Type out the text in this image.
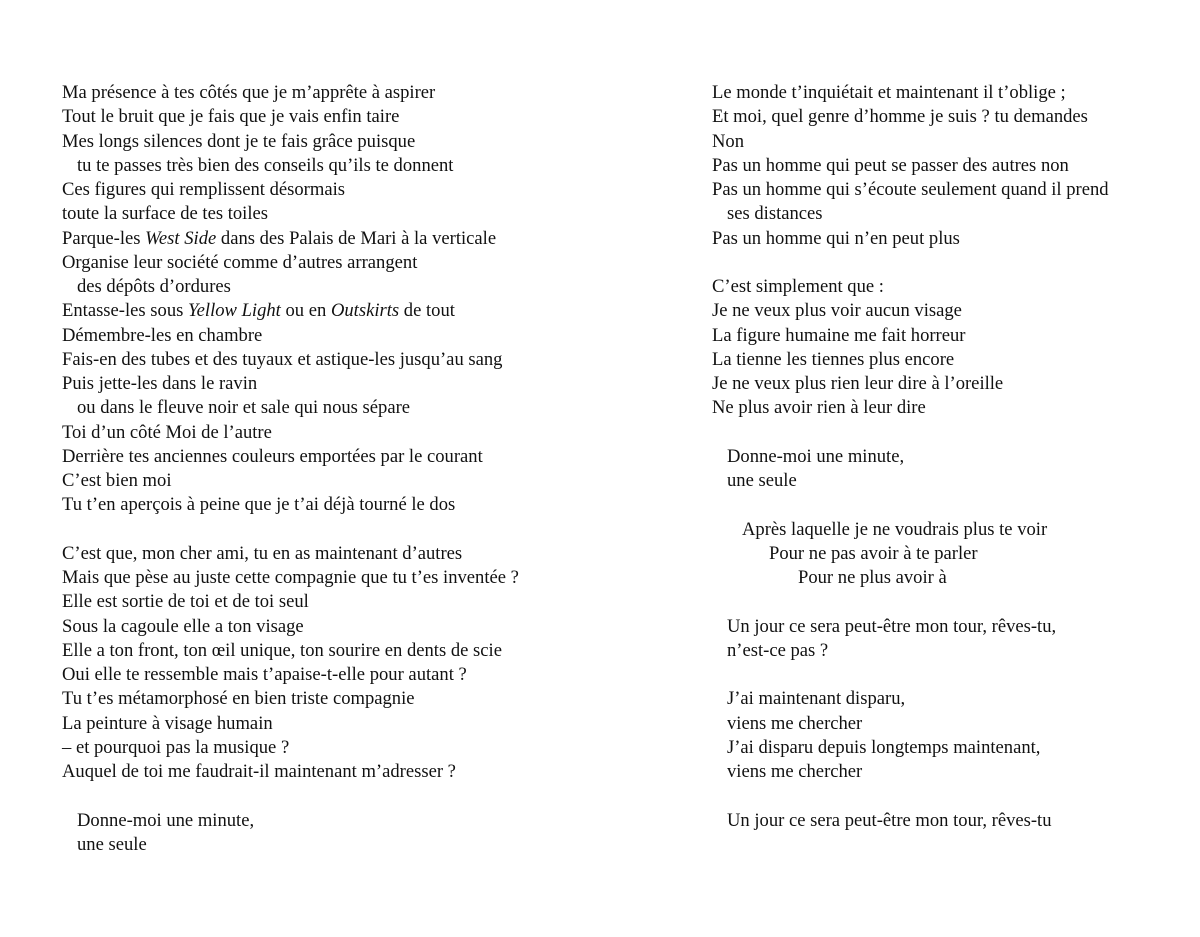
Ma présence à tes côtés que je m’apprête à aspirer
Tout le bruit que je fais que je vais enfin taire
Mes longs silences dont je te fais grâce puisque
tu te passes très bien des conseils qu’ils te donnent
Ces figures qui remplissent désormais
toute la surface de tes toiles
Parque-les West Side dans des Palais de Mari à la verticale
Organise leur société comme d’autres arrangent
des dépôts d’ordures
Entasse-les sous Yellow Light ou en Outskirts de tout
Démembre-les en chambre
Fais-en des tubes et des tuyaux et astique-les jusqu’au sang
Puis jette-les dans le ravin
ou dans le fleuve noir et sale qui nous sépare
Toi d’un côté Moi de l’autre
Derrière tes anciennes couleurs emportées par le courant
C’est bien moi
Tu t’en aperçois à peine que je t’ai déjà tourné le dos
C’est que, mon cher ami, tu en as maintenant d’autres
Mais que pèse au juste cette compagnie que tu t’es inventée ?
Elle est sortie de toi et de toi seul
Sous la cagoule elle a ton visage
Elle a ton front, ton œil unique, ton sourire en dents de scie
Oui elle te ressemble mais t’apaise-t-elle pour autant ?
Tu t’es métamorphosé en bien triste compagnie
La peinture à visage humain
– et pourquoi pas la musique ?
Auquel de toi me faudrait-il maintenant m’adresser ?
Donne-moi une minute,
une seule
Le monde t’inquiétait et maintenant il t’oblige ;
Et moi, quel genre d’homme je suis ? tu demandes
Non
Pas un homme qui peut se passer des autres non
Pas un homme qui s’écoute seulement quand il prend
ses distances
Pas un homme qui n’en peut plus
C’est simplement que :
Je ne veux plus voir aucun visage
La figure humaine me fait horreur
La tienne les tiennes plus encore
Je ne veux plus rien leur dire à l’oreille
Ne plus avoir rien à leur dire
Donne-moi une minute,
une seule
Après laquelle je ne voudrais plus te voir
Pour ne pas avoir à te parler
Pour ne plus avoir à
Un jour ce sera peut-être mon tour, rêves-tu,
n’est-ce pas ?
J’ai maintenant disparu,
viens me chercher
J’ai disparu depuis longtemps maintenant,
viens me chercher
Un jour ce sera peut-être mon tour, rêves-tu
